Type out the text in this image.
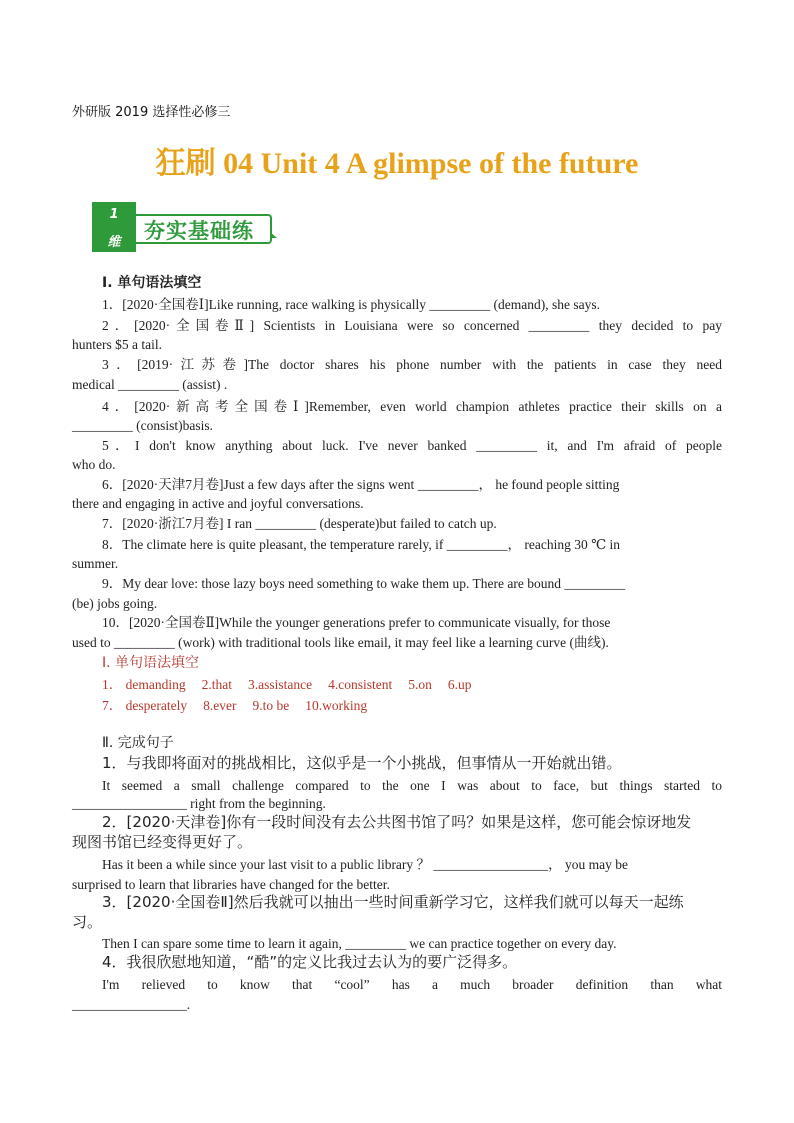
外研版 2019 选择性必修三
狂刷 04 Unit 4 A glimpse of the future
1
维	夯实基础练
Ⅰ. 单句语法填空
1．[2020·全国卷Ⅰ]Like running, race walking is physically _________ (demand), she says.
2．[2020·全国卷Ⅱ] Scientists in Louisiana were so concerned _________ they decided to pay
hunters $5 a tail.
3．[2019·江苏卷]The doctor shares his phone number with the patients in case they need
medical _________ (assist) .
4．[2020·新高考全国卷Ⅰ]Remember, even world champion athletes practice their skills on a
_________ (consist)basis.
5．I don't know anything about luck. I've never banked _________ it, and I'm afraid of people
who do.
6．[2020·天津7月卷]Just a few days after the signs went _________， he found people sitting
there and engaging in active and joyful conversations.
7．[2020·浙江7月卷] I ran _________ (desperate)but failed to catch up.
8．The climate here is quite pleasant, the temperature rarely, if _________， reaching 30 ℃ in
summer.
9．My dear love: those lazy boys need something to wake them up. There are bound _________
(be) jobs going.
10．[2020·全国卷Ⅱ]While the younger generations prefer to communicate visually, for those
used to _________ (work) with traditional tools like email, it may feel like a learning curve (曲线).
Ⅰ. 单句语法填空
1． demanding 2.that 3.assistance 4.consistent 5.on 6.up
7． desperately 8.ever 9.to be 10.working
Ⅱ. 完成句子
1．与我即将面对的挑战相比，这似乎是一个小挑战，但事情从一开始就出错。
It seemed a small challenge compared to the one I was about to face, but things started to
_________________ right from the beginning.
2．[2020·天津卷]你有一段时间没有去公共图书馆了吗？如果是这样，您可能会惊讶地发
现图书馆已经变得更好了。
Has it been a while since your last visit to a public library ？ _________________， you may be
surprised to learn that libraries have changed for the better.
3．[2020·全国卷Ⅱ]然后我就可以抽出一些时间重新学习它，这样我们就可以每天一起练
习。
Then I can spare some time to learn it again, _________ we can practice together on every day.
4．我很欣慰地知道，“酷”的定义比我过去认为的要广泛得多。
I'm relieved to know that “cool” has a much broader definition than what
_________________.
